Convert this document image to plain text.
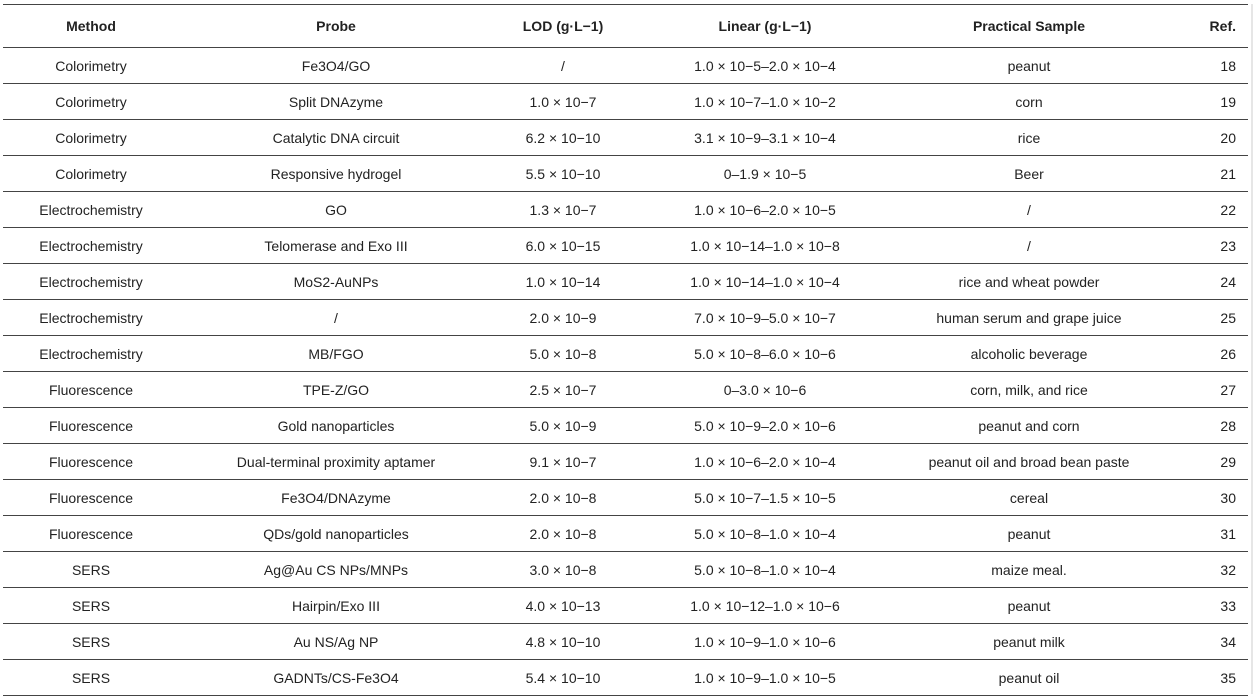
Method	Probe	LOD (g·L−1)	Linear (g·L−1)	Practical Sample	Ref.
Colorimetry	Fe3O4/GO	/	1.0 × 10−5–2.0 × 10−4	peanut	18
Colorimetry	Split DNAzyme	1.0 × 10−7	1.0 × 10−7–1.0 × 10−2	corn	19
Colorimetry	Catalytic DNA circuit	6.2 × 10−10	3.1 × 10−9–3.1 × 10−4	rice	20
Colorimetry	Responsive hydrogel	5.5 × 10−10	0–1.9 × 10−5	Beer	21
Electrochemistry	GO	1.3 × 10−7	1.0 × 10−6–2.0 × 10−5	/	22
Electrochemistry	Telomerase and Exo III	6.0 × 10−15	1.0 × 10−14–1.0 × 10−8	/	23
Electrochemistry	MoS2-AuNPs	1.0 × 10−14	1.0 × 10−14–1.0 × 10−4	rice and wheat powder	24
Electrochemistry	/	2.0 × 10−9	7.0 × 10−9–5.0 × 10−7	human serum and grape juice	25
Electrochemistry	MB/FGO	5.0 × 10−8	5.0 × 10−8–6.0 × 10−6	alcoholic beverage	26
Fluorescence	TPE-Z/GO	2.5 × 10−7	0–3.0 × 10−6	corn, milk, and rice	27
Fluorescence	Gold nanoparticles	5.0 × 10−9	5.0 × 10−9–2.0 × 10−6	peanut and corn	28
Fluorescence	Dual-terminal proximity aptamer	9.1 × 10−7	1.0 × 10−6–2.0 × 10−4	peanut oil and broad bean paste	29
Fluorescence	Fe3O4/DNAzyme	2.0 × 10−8	5.0 × 10−7–1.5 × 10−5	cereal	30
Fluorescence	QDs/gold nanoparticles	2.0 × 10−8	5.0 × 10−8–1.0 × 10−4	peanut	31
SERS	Ag@Au CS NPs/MNPs	3.0 × 10−8	5.0 × 10−8–1.0 × 10−4	maize meal.	32
SERS	Hairpin/Exo III	4.0 × 10−13	1.0 × 10−12–1.0 × 10−6	peanut	33
SERS	Au NS/Ag NP	4.8 × 10−10	1.0 × 10−9–1.0 × 10−6	peanut milk	34
SERS	GADNTs/CS-Fe3O4	5.4 × 10−10	1.0 × 10−9–1.0 × 10−5	peanut oil	35
